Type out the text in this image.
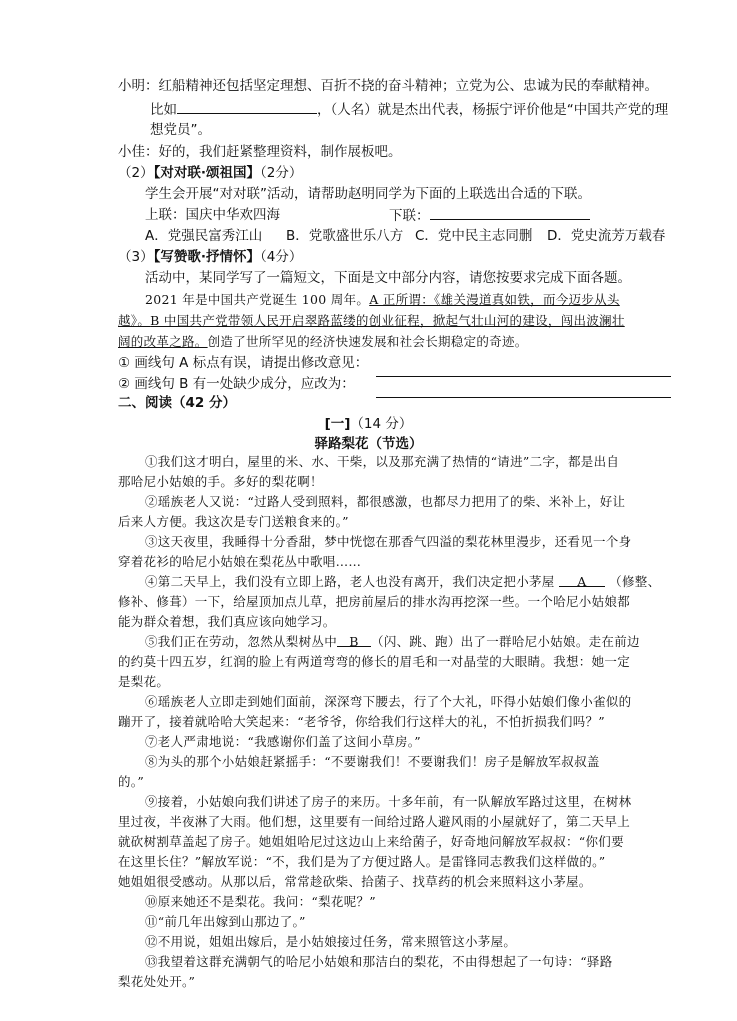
小明：红船精神还包括坚定理想、百折不挠的奋斗精神；立党为公、忠诚为民的奉献精神。
比如	，（人名）就是杰出代表，杨振宁评价他是“中国共产党的理
想党员”。
小佳：好的，我们赶紧整理资料，制作展板吧。
（2）【对对联·颂祖国】（2分）
学生会开展“对对联”活动，请帮助赵明同学为下面的上联选出合适的下联。
上联：国庆中华欢四海	下联：
A．党强民富秀江山 B．党歌盛世乐八方 C．党中民主志同删 D．党史流芳万载春
（3）【写赞歌·抒情怀】（4分）
活动中，某同学写了一篇短文，下面是文中部分内容，请您按要求完成下面各题。
2021 年是中国共产党诞生 100 周年。A 正所谓：《雄关漫道真如铁，而今迈步从头
越》。B 中国共产党带领人民开启翠路蓝缕的创业征程，掀起气壮山河的建设，闯出波澜壮
阔的改革之路。创造了世所罕见的经济快速发展和社会长期稳定的奇迹。
① 画线句 A 标点有误，请提出修改意见：
② 画线句 B 有一处缺少成分，应改为：
二、阅读（42 分）
[一]（14 分）
驿路梨花（节选）
①我们这才明白，屋里的米、水、干柴，以及那充满了热情的“请进”二字，都是出自
那哈尼小姑娘的手。多好的梨花啊！
②瑶族老人又说：“过路人受到照料，都很感激，也都尽力把用了的柴、米补上，好让
后来人方便。我这次是专门送粮食来的。”
③这天夜里，我睡得十分香甜，梦中恍惚在那香气四溢的梨花林里漫步，还看见一个身
穿着花衫的哈尼小姑娘在梨花丛中歌唱……
④第二天早上，我们没有立即上路，老人也没有离开，我们决定把小茅屋 A （修整、
修补、修葺）一下，给屋顶加点儿草，把房前屋后的排水沟再挖深一些。一个哈尼小姑娘都
能为群众着想，我们真应该向她学习。
⑤我们正在劳动，忽然从梨树丛中 B （闪、跳、跑）出了一群哈尼小姑娘。走在前边
的约莫十四五岁，红润的脸上有两道弯弯的修长的眉毛和一对晶莹的大眼睛。我想：她一定
是梨花。
⑥瑶族老人立即走到她们面前，深深弯下腰去，行了个大礼，吓得小姑娘们像小雀似的
蹦开了，接着就哈哈大笑起来：“老爷爷，你给我们行这样大的礼，不怕折损我们吗？”
⑦老人严肃地说：“我感谢你们盖了这间小草房。”
⑧为头的那个小姑娘赶紧摇手：“不要谢我们！不要谢我们！房子是解放军叔叔盖
的。”
⑨接着，小姑娘向我们讲述了房子的来历。十多年前，有一队解放军路过这里，在树林
里过夜，半夜淋了大雨。他们想，这里要有一间给过路人避风雨的小屋就好了，第二天早上
就砍树割草盖起了房子。她姐姐哈尼过这边山上来给菌子，好奇地问解放军叔叔：“你们要
在这里长住？”解放军说：“不，我们是为了方便过路人。是雷锋同志教我们这样做的。”
她姐姐很受感动。从那以后，常常趁砍柴、拾菌子、找草药的机会来照料这小茅屋。
⑩原来她还不是梨花。我问：“梨花呢？”
⑪“前几年出嫁到山那边了。”
⑫不用说，姐姐出嫁后，是小姑娘接过任务，常来照管这小茅屋。
⑬我望着这群充满朝气的哈尼小姑娘和那洁白的梨花，不由得想起了一句诗：“驿路
梨花处处开。”
